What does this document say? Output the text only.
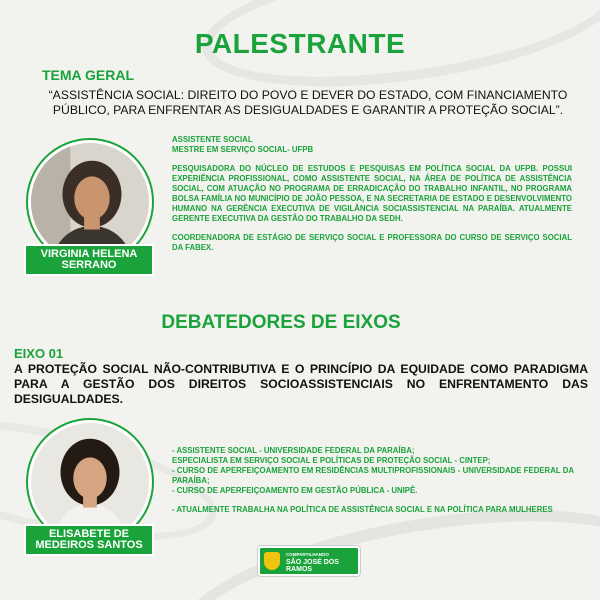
PALESTRANTE
TEMA GERAL
“ASSISTÊNCIA SOCIAL: DIREITO DO POVO E DEVER DO ESTADO, COM FINANCIAMENTO PÚBLICO, PARA ENFRENTAR AS DESIGUALDADES E GARANTIR A PROTEÇÃO SOCIAL”.
VIRGINIA HELENA SERRANO

ASSISTENTE SOCIAL

MESTRE EM SERVIÇO SOCIAL- UFPB

PESQUISADORA DO NÚCLEO DE ESTUDOS E PESQUISAS EM POLÍTICA SOCIAL DA UFPB. POSSUI EXPERIÊNCIA PROFISSIONAL, COMO ASSISTENTE SOCIAL, NA ÁREA DE POLÍTICA DE ASSISTÊNCIA SOCIAL, COM ATUAÇÃO NO PROGRAMA DE ERRADICAÇÃO DO TRABALHO INFANTIL, NO PROGRAMA BOLSA FAMÍLIA NO MUNICÍPIO DE JOÃO PESSOA, E NA SECRETARIA DE ESTADO E DESENVOLVIMENTO HUMANO NA GERÊNCIA EXECUTIVA DE VIGILÂNCIA SOCIASSISTENCIAL NA PARAÍBA. ATUALMENTE GERENTE EXECUTIVA DA GESTÃO DO TRABALHO DA SEDH.

COORDENADORA DE ESTÁGIO DE SERVIÇO SOCIAL E PROFESSORA DO CURSO DE SERVIÇO SOCIAL DA FABEX.

DEBATEDORES DE EIXOS
EIXO 01
A PROTEÇÃO SOCIAL NÃO-CONTRIBUTIVA E O PRINCÍPIO DA EQUIDADE COMO PARADIGMA PARA A GESTÃO DOS DIREITOS SOCIOASSISTENCIAIS NO ENFRENTAMENTO DAS DESIGUALDADES.
ELISABETE DE MEDEIROS SANTOS

- ASSISTENTE SOCIAL - UNIVERSIDADE FEDERAL DA PARAÍBA;

ESPECIALISTA EM SERVIÇO SOCIAL E POLÍTICAS DE PROTEÇÃO SOCIAL - CINTEP;

- CURSO DE APERFEIÇOAMENTO EM RESIDÊNCIAS MULTIPROFISSIONAIS - UNIVERSIDADE FEDERAL DA PARAÍBA;

- CURSO DE APERFEIÇOAMENTO EM GESTÃO PÚBLICA - UNIPÊ.

- ATUALMENTE TRABALHA NA POLÍTICA DE ASSISTÊNCIA SOCIAL E NA POLÍTICA PARA MULHERES

COMPARTILHANDO
SÃO JOSÉ DOS RAMOS
